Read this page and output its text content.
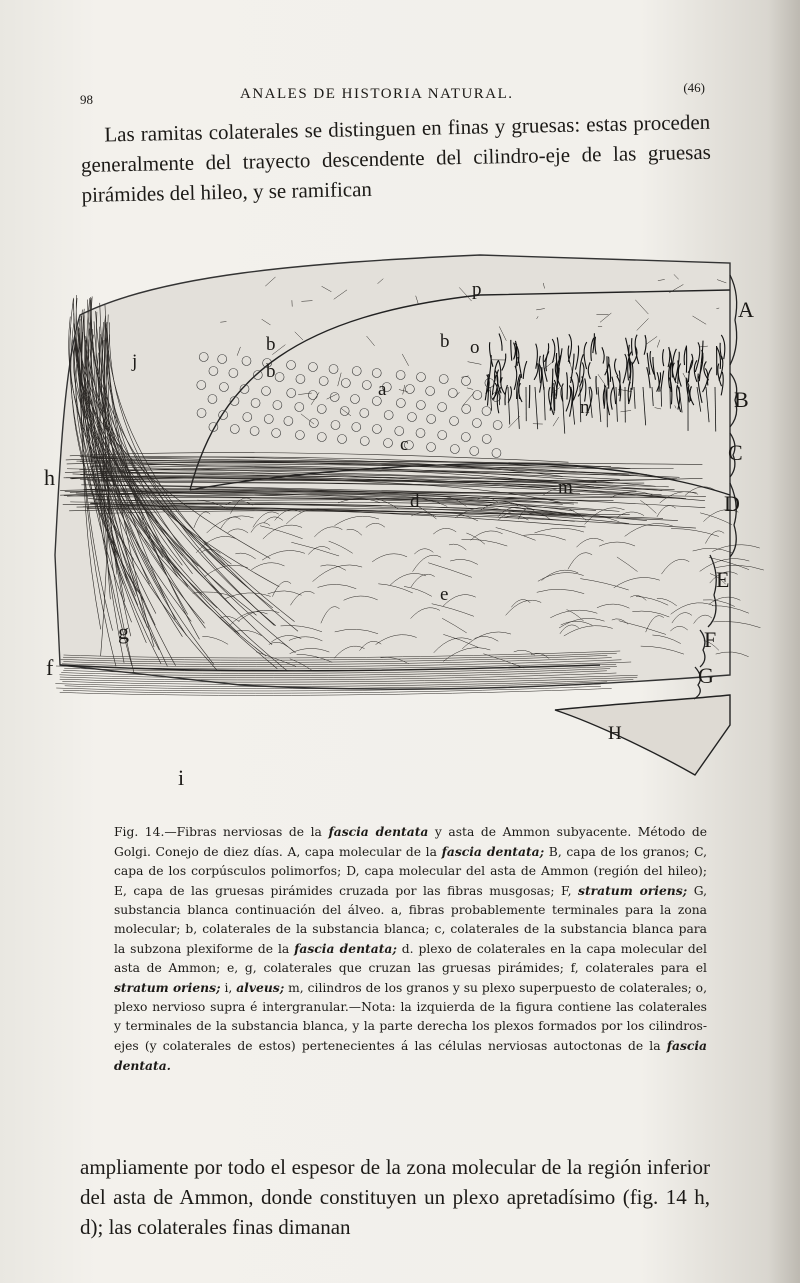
98	ANALES DE HISTORIA NATURAL.	(46)

Las ramitas colaterales se distinguen en finas y gruesas: estas proceden generalmente del trayecto descendente del cilindro-eje de las gruesas pirámides del hileo, y se ramifican

A
B
C
D
E
F
G
h
f
g
i
j
b
b
b
a
c
d
e
m
n
o
p
H

Fig. 14.—Fibras nerviosas de la fascia dentata y asta de Ammon subyacente. Método de Golgi. Conejo de diez días. A, capa molecular de la fascia dentata; B, capa de los granos; C, capa de los corpúsculos polimorfos; D, capa molecular del asta de Ammon (región del hileo); E, capa de las gruesas pirámides cruzada por las fibras musgosas; F, stratum oriens; G, substancia blanca continuación del álveo. a, fibras probablemente terminales para la zona molecular; b, colaterales de la substancia blanca; c, colaterales de la substancia blanca para la subzona plexiforme de la fascia dentata; d. plexo de colaterales en la capa molecular del asta de Ammon; e, g, colaterales que cruzan las gruesas pirámides; f, colaterales para el stratum oriens; i, alveus; m, cilindros de los granos y su plexo superpuesto de colaterales; o, plexo nervioso supra é intergranular.—Nota: la izquierda de la figura contiene las colaterales y terminales de la substancia blanca, y la parte derecha los plexos formados por los cilindros-ejes (y colaterales de estos) pertenecientes á las células nerviosas autoctonas de la fascia dentata.

ampliamente por todo el espesor de la zona molecular de la región inferior del asta de Ammon, donde constituyen un plexo apretadísimo (fig. 14 h, d); las colaterales finas dimanan
